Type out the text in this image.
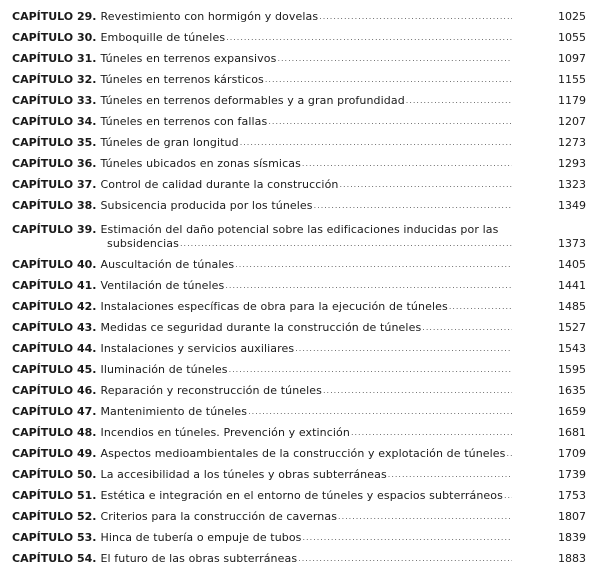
CAPÍTULO 29. Revestimiento con hormigón y dovelas .....	1025
CAPÍTULO 30. Emboquille de túneles .....	1055
CAPÍTULO 31. Túneles en terrenos expansivos .....	1097
CAPÍTULO 32. Túneles en terrenos kársticos .....	1155
CAPÍTULO 33. Túneles en terrenos deformables y a gran profundidad .....	1179
CAPÍTULO 34. Túneles en terrenos con fallas .....	1207
CAPÍTULO 35. Túneles de gran longitud .....	1273
CAPÍTULO 36. Túneles ubicados en zonas sísmicas .....	1293
CAPÍTULO 37. Control de calidad durante la construcción .....	1323
CAPÍTULO 38. Subsicencia producida por los túneles .....	1349
CAPÍTULO 39. Estimación del daño potencial sobre las edificaciones inducidas por las
subsidencias .....	1373
CAPÍTULO 40. Auscultación de túnales .....	1405
CAPÍTULO 41. Ventilación de túneles .....	1441
CAPÍTULO 42. Instalaciones específicas de obra para la ejecución de túneles .....	1485
CAPÍTULO 43. Medidas ce seguridad durante la construcción de túneles .....	1527
CAPÍTULO 44. Instalaciones y servicios auxiliares .....	1543
CAPÍTULO 45. Iluminación de túneles .....	1595
CAPÍTULO 46. Reparación y reconstrucción de túneles .....	1635
CAPÍTULO 47. Mantenimiento de túneles .....	1659
CAPÍTULO 48. Incendios en túneles. Prevención y extinción .....	1681
CAPÍTULO 49. Aspectos medioambientales de la construcción y explotación de túneles .....	1709
CAPÍTULO 50. La accesibilidad a los túneles y obras subterráneas .....	1739
CAPÍTULO 51. Estética e integración en el entorno de túneles y espacios subterráneos .....	1753
CAPÍTULO 52. Criterios para la construcción de cavernas .....	1807
CAPÍTULO 53. Hinca de tubería o empuje de tubos .....	1839
CAPÍTULO 54. El futuro de las obras subterráneas .....	1883
